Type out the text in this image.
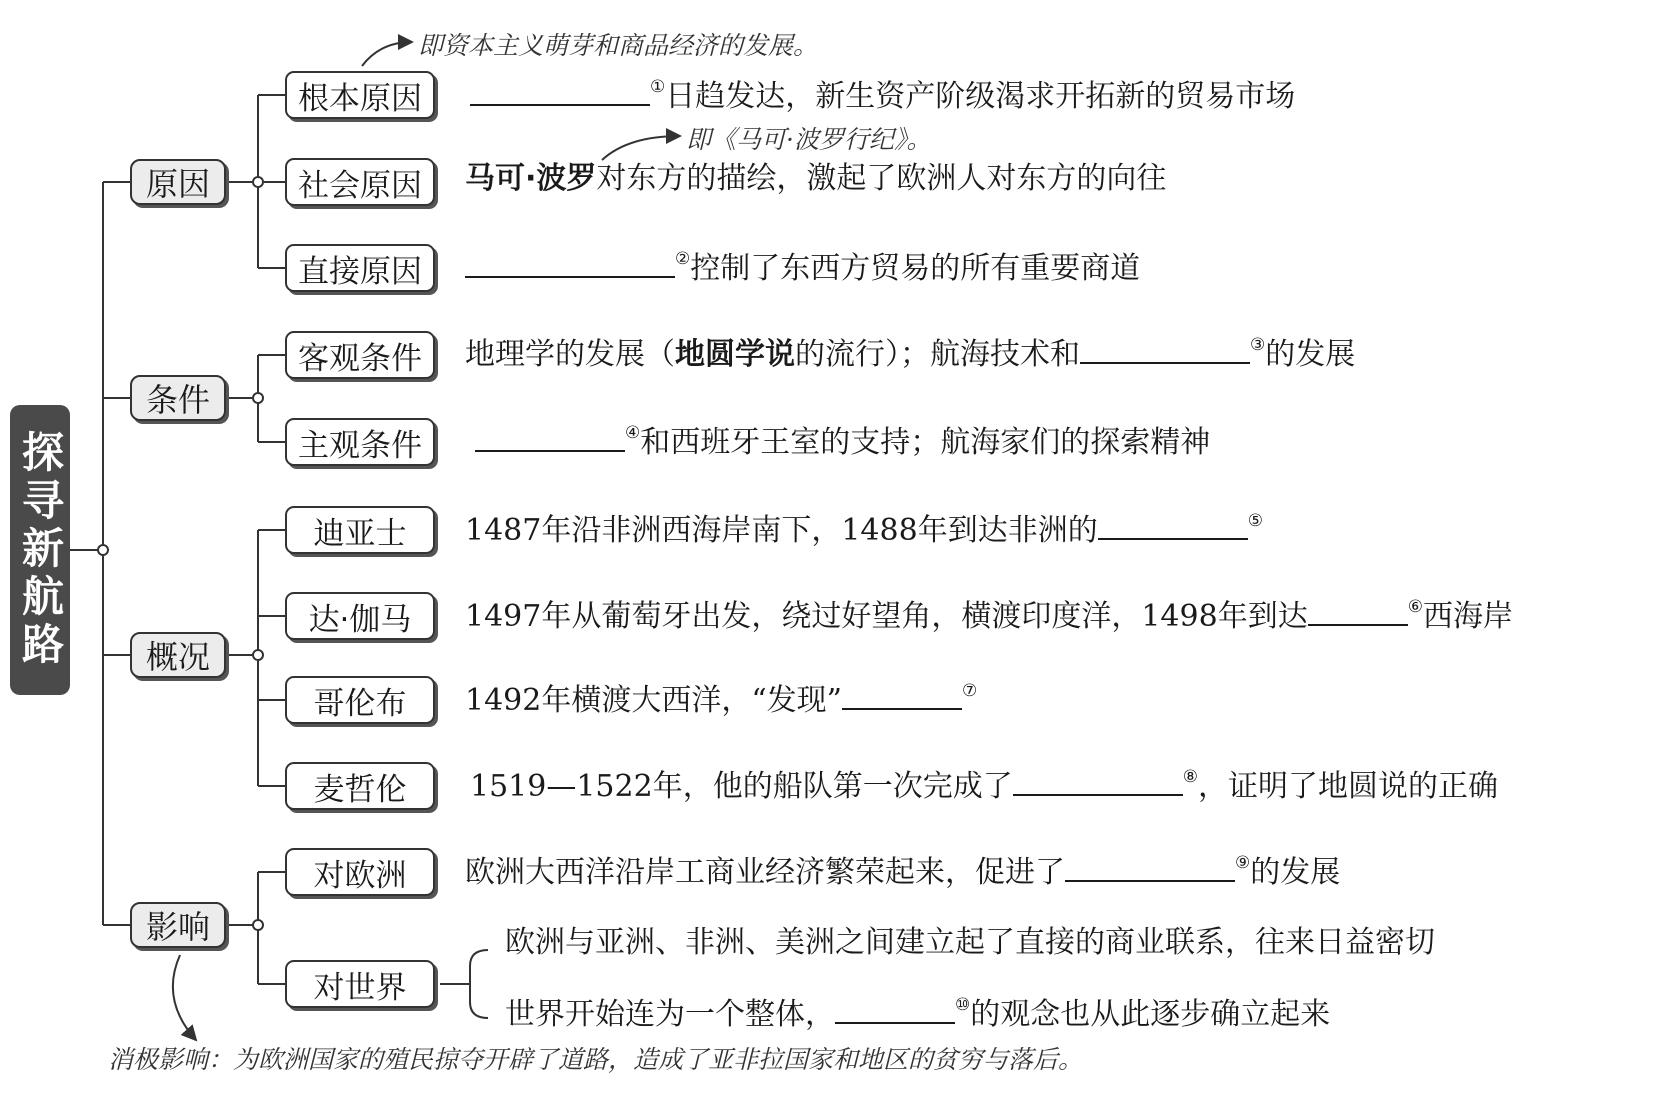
探寻新航路
原因
条件
概况
影响
根本原因
社会原因
直接原因
客观条件
主观条件
迪亚士
达·伽马
哥伦布
麦哲伦
对欧洲
对世界
即资本主义萌芽和商品经济的发展。
即《马可·波罗行纪》。
消极影响：为欧洲国家的殖民掠夺开辟了道路，造成了亚非拉国家和地区的贫穷与落后。
①日趋发达，新生资产阶级渴求开拓新的贸易市场
马可·波罗对东方的描绘，激起了欧洲人对东方的向往
②控制了东西方贸易的所有重要商道
地理学的发展（地圆学说的流行）；航海技术和	③的发展
④和西班牙王室的支持；航海家们的探索精神
1487年沿非洲西海岸南下，1488年到达非洲的	⑤
1497年从葡萄牙出发，绕过好望角，横渡印度洋，1498年到达	⑥西海岸
1492年横渡大西洋，“发现”	⑦
1519—1522年，他的船队第一次完成了	⑧，证明了地圆说的正确
欧洲大西洋沿岸工商业经济繁荣起来，促进了	⑨的发展
欧洲与亚洲、非洲、美洲之间建立起了直接的商业联系，往来日益密切
世界开始连为一个整体，	⑩的观念也从此逐步确立起来
